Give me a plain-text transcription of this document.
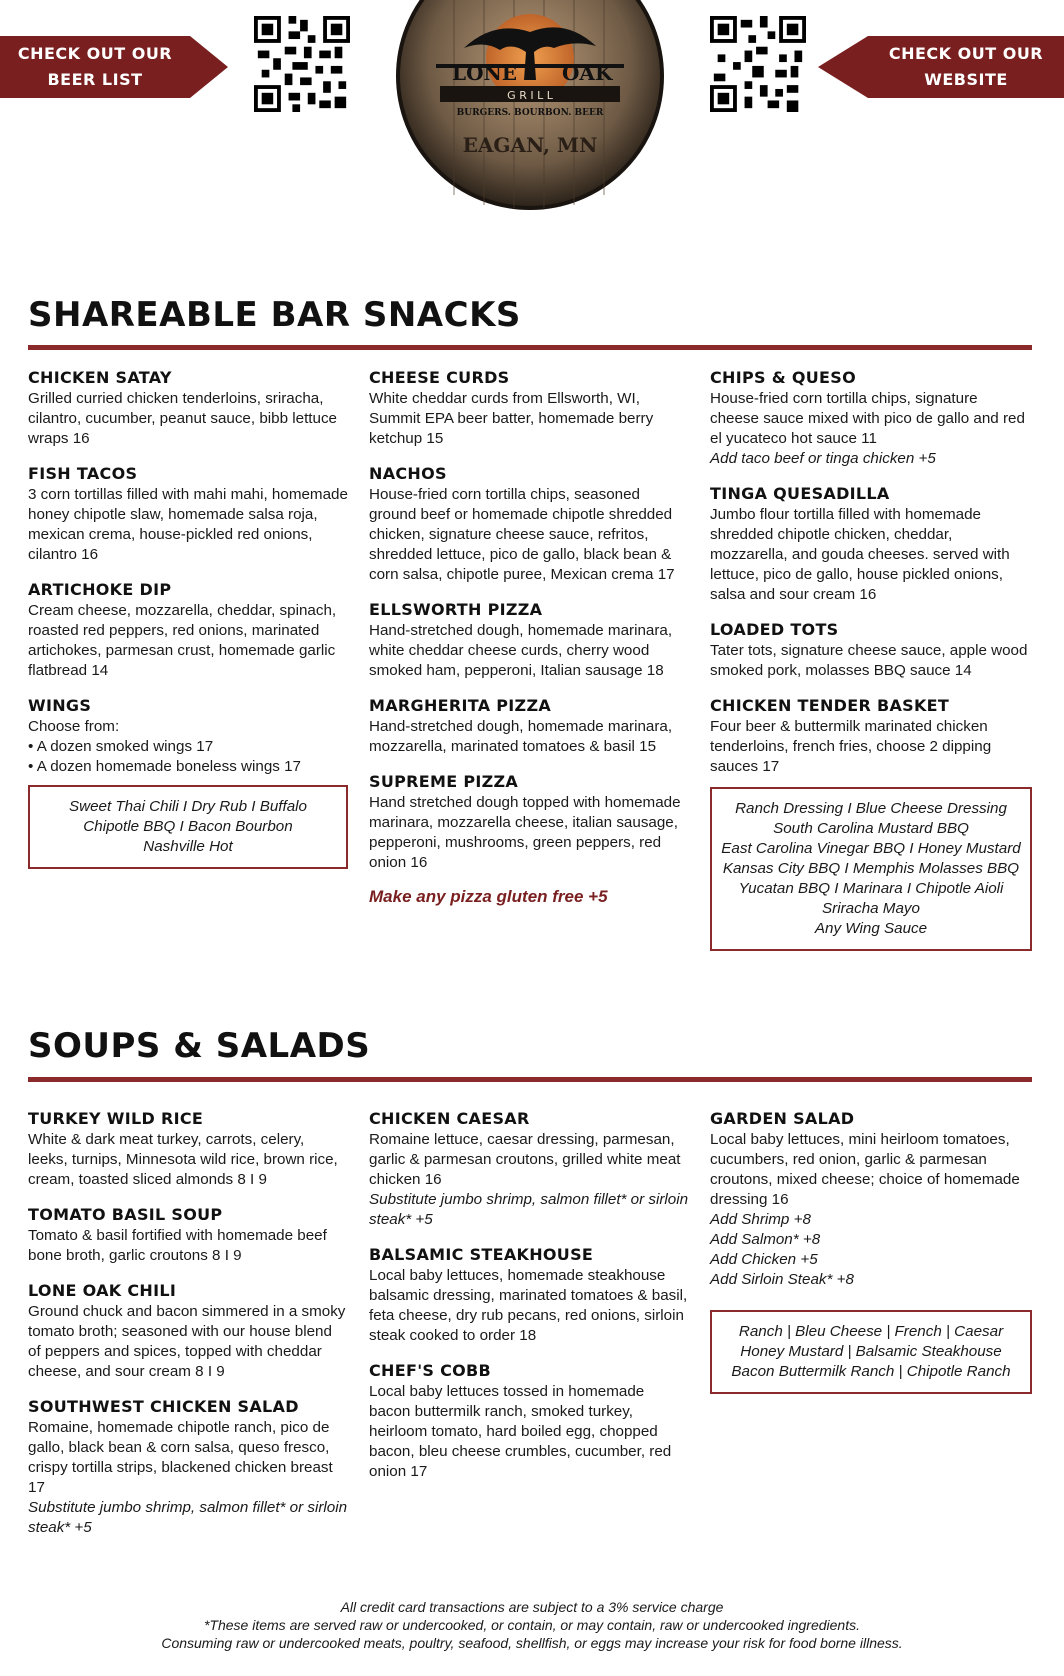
CHECK OUT OUR
BEER LIST	LONE OAK
G R I L L
BURGERS. BOURBON. BEER
EAGAN, MN
CHECK OUT OUR
WEBSITE
SHAREABLE BAR SNACKS
CHICKEN SATAY
Grilled curried chicken tenderloins, sriracha, cilantro, cucumber, peanut sauce, bibb lettuce wraps 16
FISH TACOS
3 corn tortillas filled with mahi mahi, homemade honey chipotle slaw, homemade salsa roja, mexican crema, house-pickled red onions, cilantro 16
ARTICHOKE DIP
Cream cheese, mozzarella, cheddar, spinach, roasted red peppers, red onions, marinated artichokes, parmesan crust, homemade garlic flatbread 14
WINGS
Choose from:
• A dozen smoked wings 17
• A dozen homemade boneless wings 17
Sweet Thai Chili I Dry Rub I Buffalo
Chipotle BBQ I Bacon Bourbon
Nashville Hot
CHEESE CURDS
White cheddar curds from Ellsworth, WI, Summit EPA beer batter, homemade berry ketchup 15
NACHOS
House-fried corn tortilla chips, seasoned ground beef or homemade chipotle shredded chicken, signature cheese sauce, refritos, shredded lettuce, pico de gallo, black bean & corn salsa, chipotle puree, Mexican crema 17
ELLSWORTH PIZZA
Hand-stretched dough, homemade marinara, white cheddar cheese curds, cherry wood smoked ham, pepperoni, Italian sausage 18
MARGHERITA PIZZA
Hand-stretched dough, homemade marinara, mozzarella, marinated tomatoes & basil 15
SUPREME PIZZA
Hand stretched dough topped with homemade marinara, mozzarella cheese, italian sausage, pepperoni, mushrooms, green peppers, red onion 16
Make any pizza gluten free +5
CHIPS & QUESO
House-fried corn tortilla chips, signature cheese sauce mixed with pico de gallo and red el yucateco hot sauce 11
Add taco beef or tinga chicken +5
TINGA QUESADILLA
Jumbo flour tortilla filled with homemade shredded chipotle chicken, cheddar, mozzarella, and gouda cheeses. served with lettuce, pico de gallo, house pickled onions, salsa and sour cream 16
LOADED TOTS
Tater tots, signature cheese sauce, apple wood smoked pork, molasses BBQ sauce 14
CHICKEN TENDER BASKET
Four beer & buttermilk marinated chicken tenderloins, french fries, choose 2 dipping sauces 17
Ranch Dressing I Blue Cheese Dressing
South Carolina Mustard BBQ
East Carolina Vinegar BBQ I Honey Mustard
Kansas City BBQ I Memphis Molasses BBQ
Yucatan BBQ I Marinara I Chipotle Aioli
Sriracha Mayo
Any Wing Sauce
SOUPS & SALADS
TURKEY WILD RICE
White & dark meat turkey, carrots, celery, leeks, turnips, Minnesota wild rice, brown rice, cream, toasted sliced almonds 8 I 9
TOMATO BASIL SOUP
Tomato & basil fortified with homemade beef bone broth, garlic croutons 8 I 9
LONE OAK CHILI
Ground chuck and bacon simmered in a smoky tomato broth; seasoned with our house blend of peppers and spices, topped with cheddar cheese, and sour cream 8 I 9
SOUTHWEST CHICKEN SALAD
Romaine, homemade chipotle ranch, pico de gallo, black bean & corn salsa, queso fresco, crispy tortilla strips, blackened chicken breast 17
Substitute jumbo shrimp, salmon fillet* or sirloin steak* +5
CHICKEN CAESAR
Romaine lettuce, caesar dressing, parmesan, garlic & parmesan croutons, grilled white meat chicken 16
Substitute jumbo shrimp, salmon fillet* or sirloin steak* +5
BALSAMIC STEAKHOUSE
Local baby lettuces, homemade steakhouse balsamic dressing, marinated tomatoes & basil, feta cheese, dry rub pecans, red onions, sirloin steak cooked to order 18
CHEF'S COBB
Local baby lettuces tossed in homemade bacon buttermilk ranch, smoked turkey, heirloom tomato, hard boiled egg, chopped bacon, bleu cheese crumbles, cucumber, red onion 17
GARDEN SALAD
Local baby lettuces, mini heirloom tomatoes, cucumbers, red onion, garlic & parmesan croutons, mixed cheese; choice of homemade dressing 16
Add Shrimp +8
Add Salmon* +8
Add Chicken +5
Add Sirloin Steak* +8
Ranch | Bleu Cheese | French | Caesar
Honey Mustard | Balsamic Steakhouse
Bacon Buttermilk Ranch | Chipotle Ranch
All credit card transactions are subject to a 3% service charge
*These items are served raw or undercooked, or contain, or may contain, raw or undercooked ingredients.
Consuming raw or undercooked meats, poultry, seafood, shellfish, or eggs may increase your risk for food borne illness.
